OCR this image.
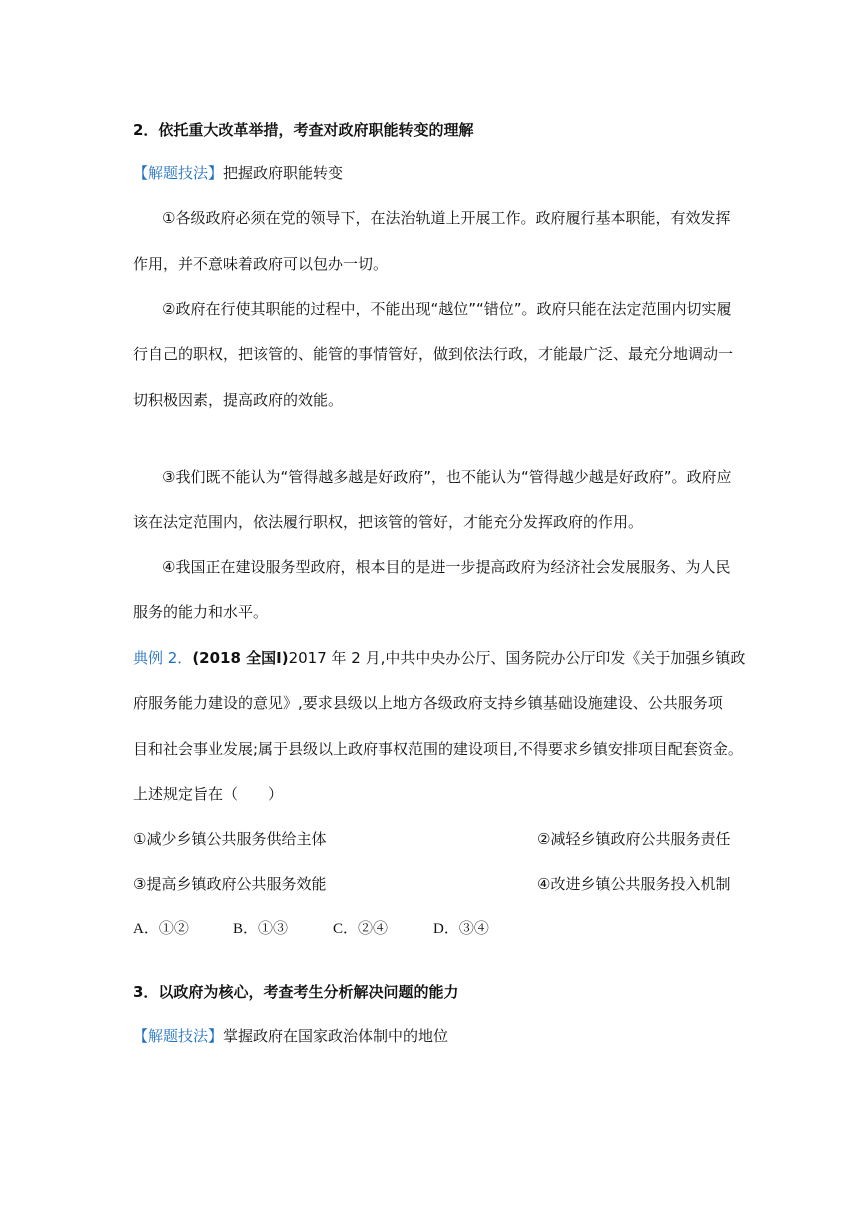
2．依托重大改革举措，考查对政府职能转变的理解
【解题技法】把握政府职能转变
①各级政府必须在党的领导下，在法治轨道上开展工作。政府履行基本职能，有效发挥
作用，并不意味着政府可以包办一切。
②政府在行使其职能的过程中，不能出现“越位”“错位”。政府只能在法定范围内切实履
行自己的职权，把该管的、能管的事情管好，做到依法行政，才能最广泛、最充分地调动一
切积极因素，提高政府的效能。
③我们既不能认为“管得越多越是好政府”，也不能认为“管得越少越是好政府”。政府应
该在法定范围内，依法履行职权，把该管的管好，才能充分发挥政府的作用。
④我国正在建设服务型政府，根本目的是进一步提高政府为经济社会发展服务、为人民
服务的能力和水平。
典例 2．(2018 全国Ⅰ)2017 年 2 月,中共中央办公厅、国务院办公厅印发《关于加强乡镇政
府服务能力建设的意见》,要求县级以上地方各级政府支持乡镇基础设施建设、公共服务项
目和社会事业发展;属于县级以上政府事权范围的建设项目,不得要求乡镇安排项目配套资金。
上述规定旨在（　　）
①减少乡镇公共服务供给主体	②减轻乡镇政府公共服务责任
③提高乡镇政府公共服务效能	④改进乡镇公共服务投入机制
A．①②	B．①③	C．②④	D．③④
3．以政府为核心，考查考生分析解决问题的能力
【解题技法】掌握政府在国家政治体制中的地位
